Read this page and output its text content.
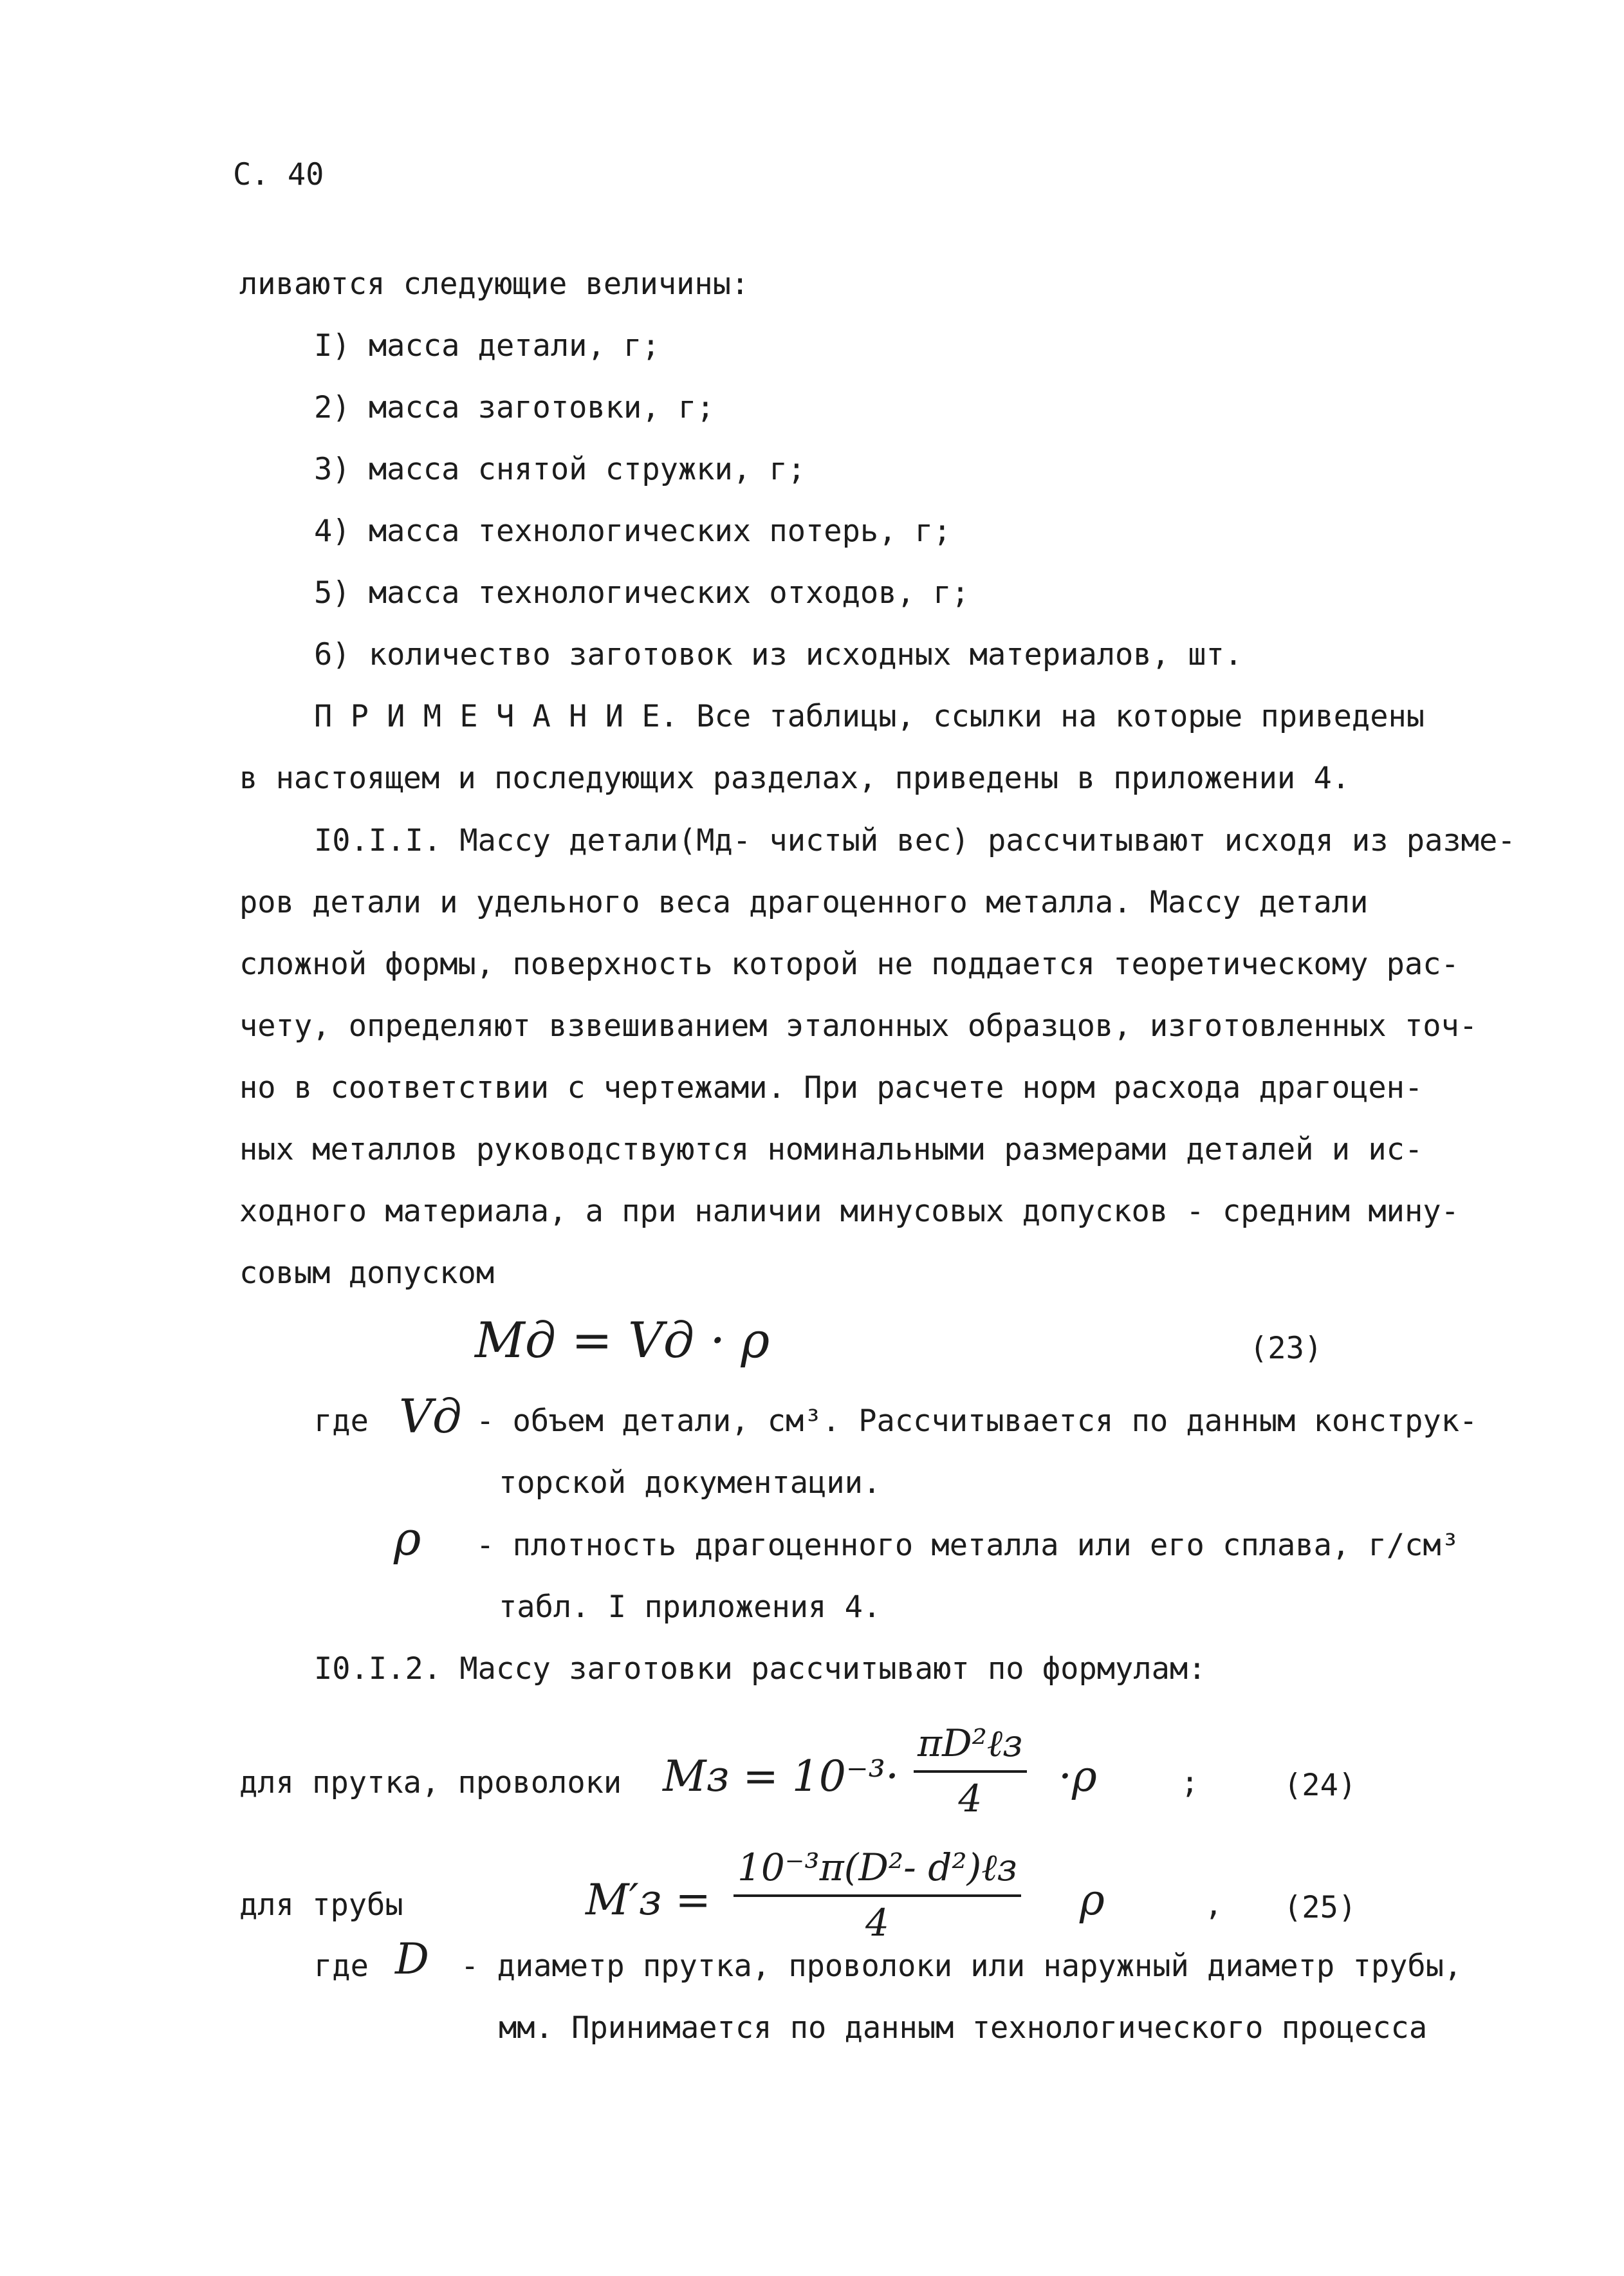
С. 40
ливаются следующие величины:
I) масса детали, г;
2) масса заготовки, г;
3) масса снятой стружки, г;
4) масса технологических потерь, г;
5) масса технологических отходов, г;
6) количество заготовок из исходных материалов, шт.
П Р И М Е Ч А Н И Е. Все таблицы, ссылки на которые приведены
в настоящем и последующих разделах, приведены в приложении 4.
I0.I.I. Массу детали(Мд- чистый вес) рассчитывают исходя из разме-
ров детали и удельного веса драгоценного металла. Массу детали
сложной формы, поверхность которой не поддается теоретическому рас-
чету, определяют взвешиванием эталонных образцов, изготовленных точ-
но в соответствии с чертежами. При расчете норм расхода драгоцен-
ных металлов руководствуются номинальными размерами деталей и ис-
ходного материала, а при наличии минусовых допусков - средним мину-
совым допуском
Mд = Vд · ρ	(23)
где Vд - объем детали, см³. Рассчитывается по данным конструк-
торской документации.
ρ - плотность драгоценного металла или его сплава, г/см³
табл. I приложения 4.
I0.I.2. Массу заготовки рассчитывают по формулам:
для прутка, проволоки Mз = 10⁻³·
πD²ℓз
4	·ρ	;	(24)
для трубы	M′з =
10⁻³π(D²- d²)ℓз
4	ρ	, (25)
где D - диаметр прутка, проволоки или наружный диаметр трубы,
мм. Принимается по данным технологического процесса
